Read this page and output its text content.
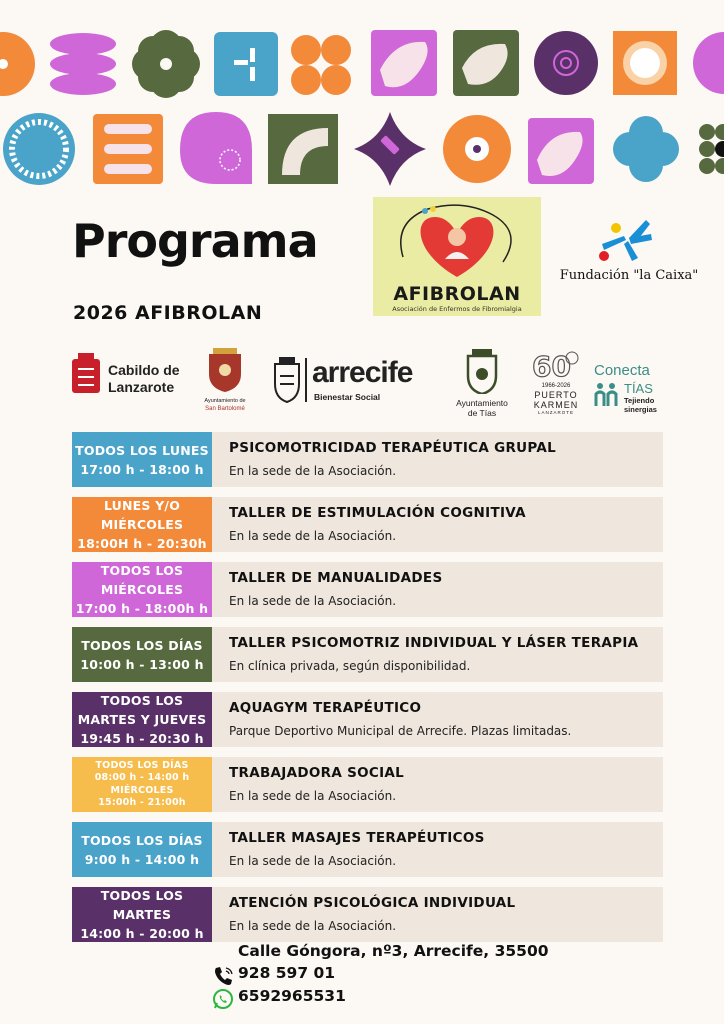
Programa
2026 AFIBROLAN
AFIBROLAN
Asociación de Enfermos de Fibromialgia
Fundación "la Caixa"
Cabildo de
Lanzarote
Ayuntamiento de
San Bartolomé
arrecife
Bienestar Social
Ayuntamiento
de Tías
60
1966-2026
PUERTO
KARMEN
LANZAROTE
Conecta
TÍAS
Tejiendo
sinergias
TODOS LOS LUNES
17:00 h - 18:00 h
PSICOMOTRICIDAD TERAPÉUTICA GRUPAL
En la sede de la Asociación.
LUNES Y/O
MIÉRCOLES
18:00H h - 20:30h
TALLER DE ESTIMULACIÓN COGNITIVA
En la sede de la Asociación.
TODOS LOS
MIÉRCOLES
17:00 h - 18:00h h
TALLER DE MANUALIDADES
En la sede de la Asociación.
TODOS LOS DÍAS
10:00 h - 13:00 h
TALLER PSICOMOTRIZ INDIVIDUAL Y LÁSER TERAPIA
En clínica privada, según disponibilidad.
TODOS LOS
MARTES Y JUEVES
19:45 h - 20:30 h
AQUAGYM TERAPÉUTICO
Parque Deportivo Municipal de Arrecife. Plazas limitadas.
TODOS LOS DÍAS
08:00 h - 14:00 h
MIÉRCOLES
15:00h - 21:00h
TRABAJADORA SOCIAL
En la sede de la Asociación.
TODOS LOS DÍAS
9:00 h - 14:00 h
TALLER MASAJES TERAPÉUTICOS
En la sede de la Asociación.
TODOS LOS
MARTES
14:00 h - 20:00 h
ATENCIÓN PSICOLÓGICA INDIVIDUAL
En la sede de la Asociación.
Calle Góngora, nº3, Arrecife, 35500
928 597 01
6592965531
